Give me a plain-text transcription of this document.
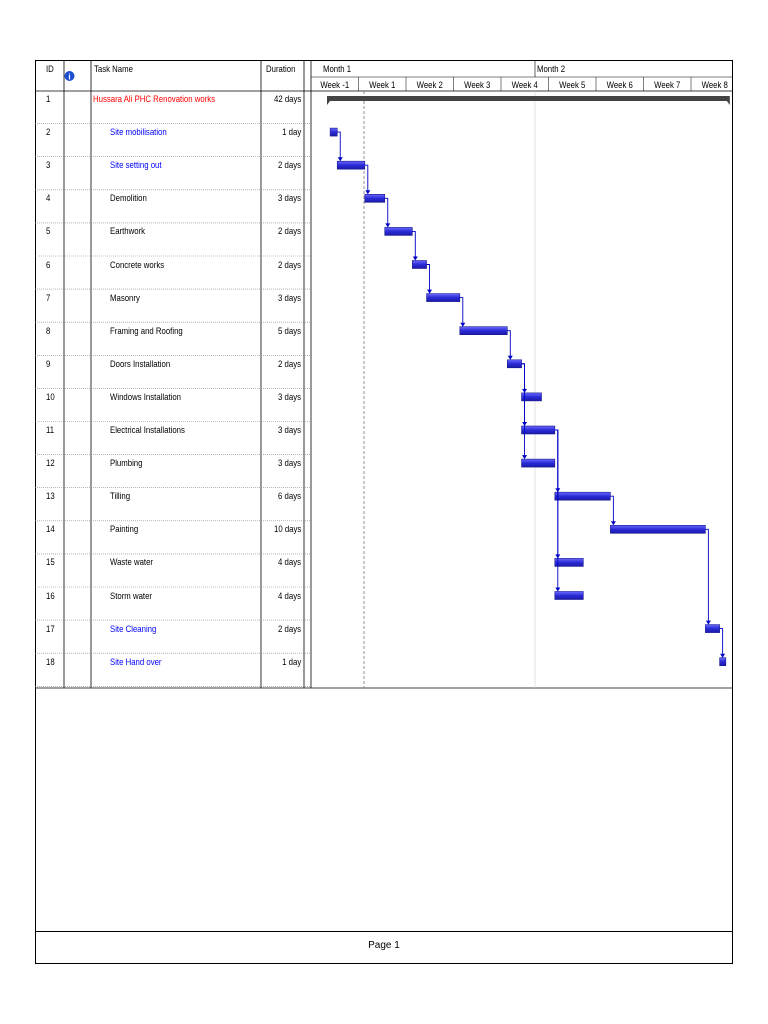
Month 1	Month 2
Week -1 Week 1 Week 2 Week 3 Week 4 Week 5 Week 6 Week 7 Week 8
ID
i
Task Name	Duration
1	Hussara Ali PHC Renovation works	42 days
2	Site mobilisation	1 day
3	Site setting out	2 days
4	Demolition	3 days
5	Earthwork	2 days
6	Concrete works	2 days
7	Masonry	3 days
8	Framing and Roofing	5 days
9	Doors Installation	2 days
10	Windows Installation	3 days
11	Electrical Installations	3 days
12	Plumbing	3 days
13	Tilling	6 days
14	Painting	10 days
15	Waste water	4 days
16	Storm water	4 days
17	Site Cleaning	2 days
18	Site Hand over	1 day
Page 1
